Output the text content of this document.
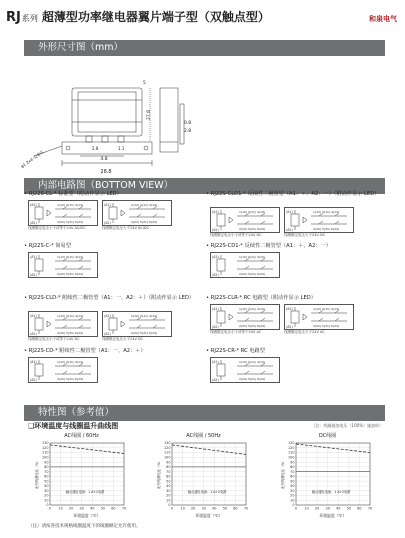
RJ系列 超薄型功率继电器翼片端子型（双触点型）	和泉电气
外形尺寸图（mm）
28.8
4.8
27.8
5
0.8
2.8
2.8	1.1
φ1.2x4-安装孔
内部电路图（BOTTOM VIEW）
• RJ22S-CL-* 标准型（附动作显示 LED）
(A1)
(A2)
1(12) 3(11) 4(14)
2(22) 5(21) 6(24)
线圈额定电压小于或等于24V AC/DC
(A1)
(A2)
1(12) 3(11) 4(14)
2(22) 5(21) 6(24)
线圈额定电压大于24V AC/DC
• RJ22S-C-* 简易型
(A1)
(A2)
1(12) 3(11) 4(14)
2(22) 5(21) 6(24)
• RJ22S-CLD-* 附续性二极管型（A1：一、A2：＋）（附动作显示 LED）
(A1)
(A2)
1(12) 3(11) 4(14)
2(22) 5(21) 6(24)
线圈额定电压小于或等于24V DC
(A1)
(A2)
1(12) 3(11) 4(14)
2(22) 5(21) 6(24)
线圈额定电压大于24V DC
• RJ22S-CD-* 附续性二极管型（A1：一、A2：＋）
(A1)
(A2)
1(12) 3(11) 4(14)
2(22) 5(21) 6(24)
• RJ22S-CLD1-* 反续性二极管型（A1：＋、A2：一）（附动作显示 LED）
(A1)
(A2)
1(12) 3(11) 4(14)
2(22) 5(21) 6(24)
线圈额定电压小于或等于24V DC
(A1)
(A2)
1(12) 3(11) 4(14)
2(22) 5(21) 6(24)
线圈额定电压大于24V DC
• RJ22S-CD1-* 反续性二极管型（A1：＋、A2：一）
(A1)
(A2)
1(12) 3(11) 4(14)
2(22) 5(21) 6(24)
• RJ22S-CLR-* RC 电路型（附动作显示 LED）
(A1)
(A2)
1(12) 3(11) 4(14)
2(22) 5(21) 6(24)
线圈额定电压小于或等于24V AC
(A1)
(A2)
1(12) 3(11) 4(14)
2(22) 5(21) 6(24)
线圈额定电压大于24V AC
• RJ22S-CR-* RC 电路型
(A1)
(A2)
1(12) 3(11) 4(14)
2(22) 5(21) 6(24)
特性图（参考值）
❑环境温度与线圈温升曲线图	（注：线圈施加电压（100%）施加时）
AC线圈 / 60Hz
0
10
20
30
40
50
60
70
80
90
100
110
120
130
0 10 20 30 40 50 60 70
触点通电电流：1 A+2电路
环境温度（℃）
允许线圈电压（%）
AC线圈 / 50Hz
0
10
20
30
40
50
60
70
80
90
100
110
120
130
0 10 20 30 40 50 60 70
触点通电电流：1 A+2电路
环境温度（℃）
允许线圈电压（%）
DC线圈
0
10
20
30
40
50
60
70
80
90
100
110
120
130
0 10 20 30 40 50 60 70
触点通电电流：1 A+2电路
环境温度（℃）
允许线圈电压（%）
（注）请按各技术规格线圈温度下的线圈额定允许使用。
